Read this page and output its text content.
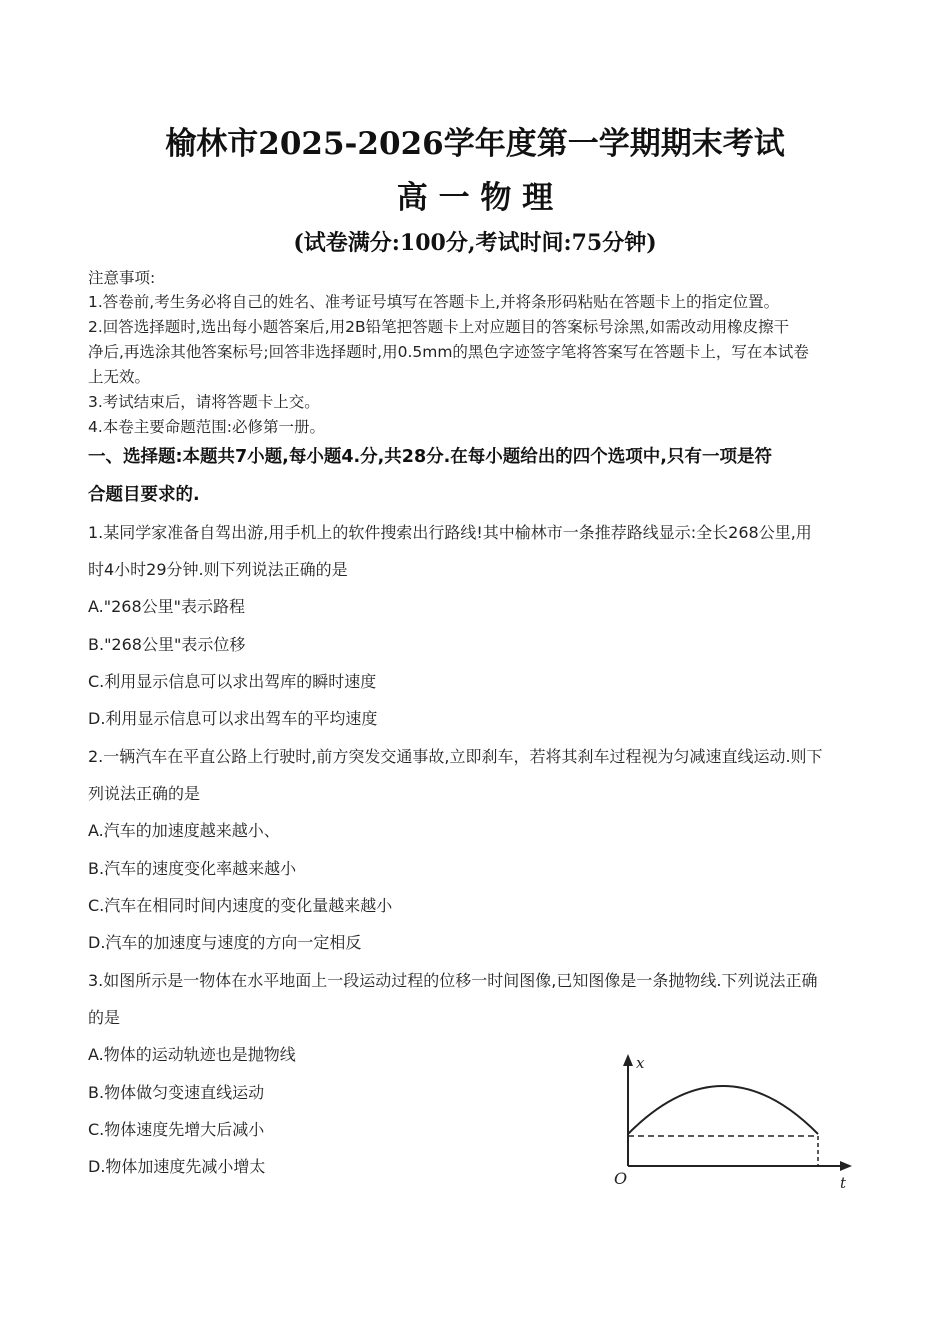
榆林市2025-2026学年度第一学期期末考试
高 一 物 理
(试卷满分:100分,考试时间:75分钟)
注意事项:
1.答卷前,考生务必将自己的姓名、准考证号填写在答题卡上,并将条形码粘贴在答题卡上的指定位置。
2.回答选择题时,选出每小题答案后,用2B铅笔把答题卡上对应题目的答案标号涂黑,如需改动用橡皮擦干
净后,再选涂其他答案标号;回答非选择题时,用0.5mm的黑色字迹签字笔将答案写在答题卡上，写在本试卷
上无效。
3.考试结束后，请将答题卡上交。
4.本卷主要命题范围:必修第一册。
一、选择题:本题共7小题,每小题4.分,共28分.在每小题给出的四个选项中,只有一项是符
合题目要求的.
1.某同学家准备自驾出游,用手机上的软件搜索出行路线!其中榆林市一条推荐路线显示:全长268公里,用
时4小时29分钟.则下列说法正确的是
A."268公里"表示路程
B."268公里"表示位移
C.利用显示信息可以求出驾库的瞬时速度
D.利用显示信息可以求出驾车的平均速度
2.一辆汽车在平直公路上行驶时,前方突发交通事故,立即刹车，若将其刹车过程视为匀减速直线运动.则下
列说法正确的是
A.汽车的加速度越来越小、
B.汽车的速度变化率越来越小
C.汽车在相同时间内速度的变化量越来越小
D.汽车的加速度与速度的方向一定相反
3.如图所示是一物体在水平地面上一段运动过程的位移一时间图像,已知图像是一条抛物线.下列说法正确
的是
A.物体的运动轨迹也是抛物线
B.物体做匀变速直线运动
C.物体速度先增大后减小
D.物体加速度先减小增太
x
t
O
